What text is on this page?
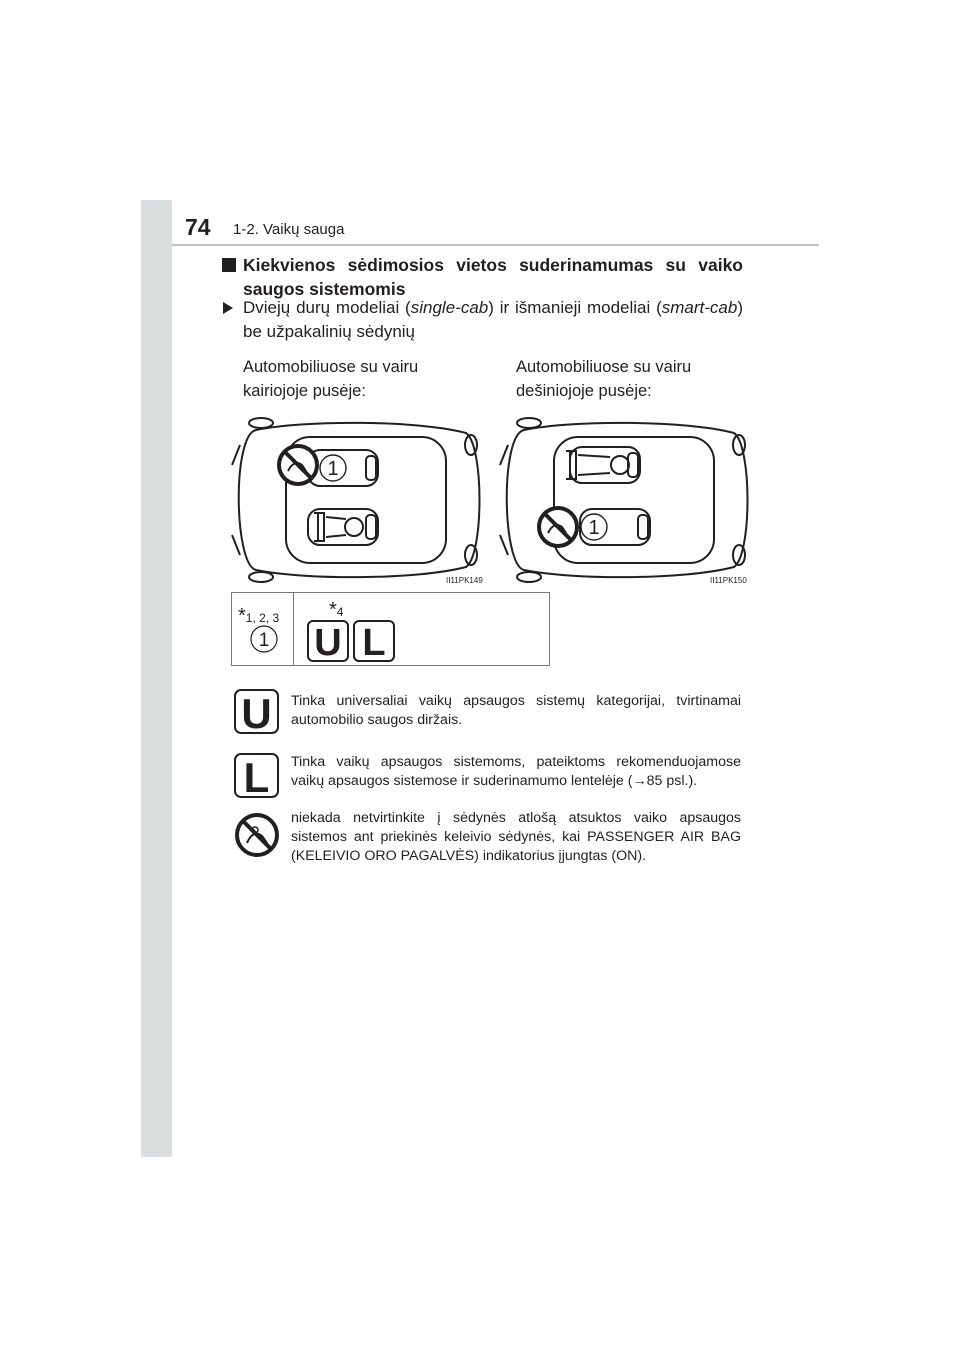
74 1-2. Vaikų sauga
Kiekvienos sėdimosios vietos suderinamumas su vaiko saugos sistemomis
Dviejų durų modeliai (single-cab) ir išmanieji modeliai (smart-cab) be užpakalinių sėdynių
Automobiliuose su vairu
kairiojoje pusėje:
Automobiliuose su vairu
dešiniojoje pusėje:
1
II11PK149
1
II11PK150
*1, 2, 3
1
*4
U L
U Tinka universaliai vaikų apsaugos sistemų kategorijai, tvirtinamai automobilio saugos diržais.
L Tinka vaikų apsaugos sistemoms, pateiktoms rekomenduojamose vaikų apsaugos sistemose ir suderinamumo lentelėje (→85 psl.).
niekada netvirtinkite į sėdynės atlošą atsuktos vaiko apsaugos sistemos ant priekinės keleivio sėdynės, kai PASSENGER AIR BAG (KELEIVIO ORO PAGALVĖS) indikatorius įjungtas (ON).
